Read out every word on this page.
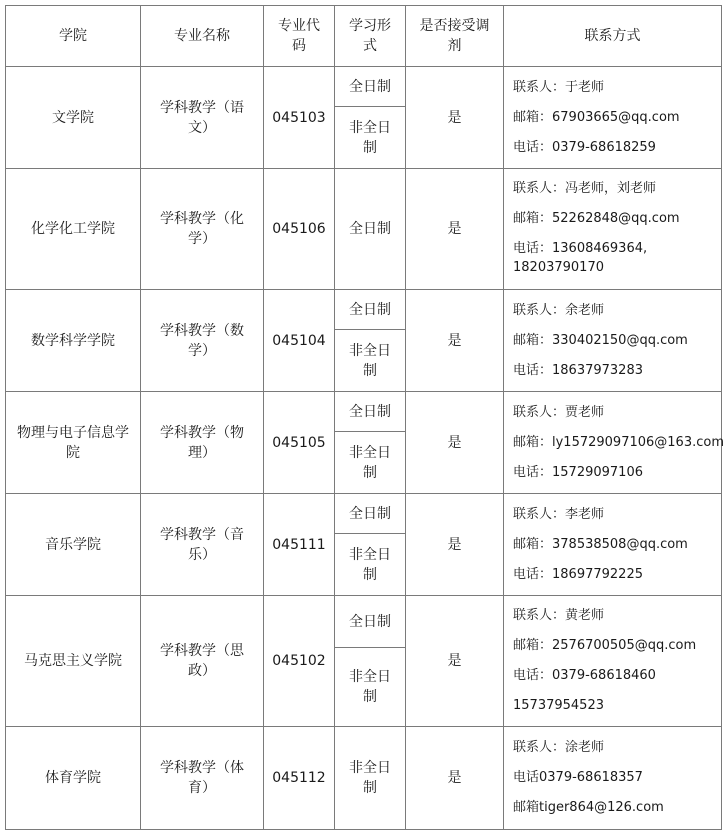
学院	专业名称	专业代码	学习形式	是否接受调剂	联系方式
文学院	学科教学（语文）	045103	全日制	是	联系人：于老师
邮箱：67903665@qq.com
电话：0379-68618259

			非全日制		
化学化工学院	学科教学（化学）	045106	全日制	是	联系人：冯老师，刘老师
邮箱：52262848@qq.com
电话：13608469364,
18203790170

数学科学学院	学科教学（数学）	045104	全日制	是	联系人：余老师
邮箱：330402150@qq.com
电话：18637973283

			非全日制		
物理与电子信息学院	学科教学（物理）	045105	全日制	是	联系人：贾老师
邮箱：ly15729097106@163.com
电话：15729097106

			非全日制		
音乐学院	学科教学（音乐）	045111	全日制	是	联系人：李老师
邮箱：378538508@qq.com
电话：18697792225

			非全日制		
马克思主义学院	学科教学（思政）	045102	全日制	是	联系人：黄老师
邮箱：2576700505@qq.com
电话：0379-68618460
15737954523

			非全日制		
体育学院	学科教学（体育）	045112	非全日制	是	联系人：涂老师
电话0379-68618357
邮箱tiger864@126.com
